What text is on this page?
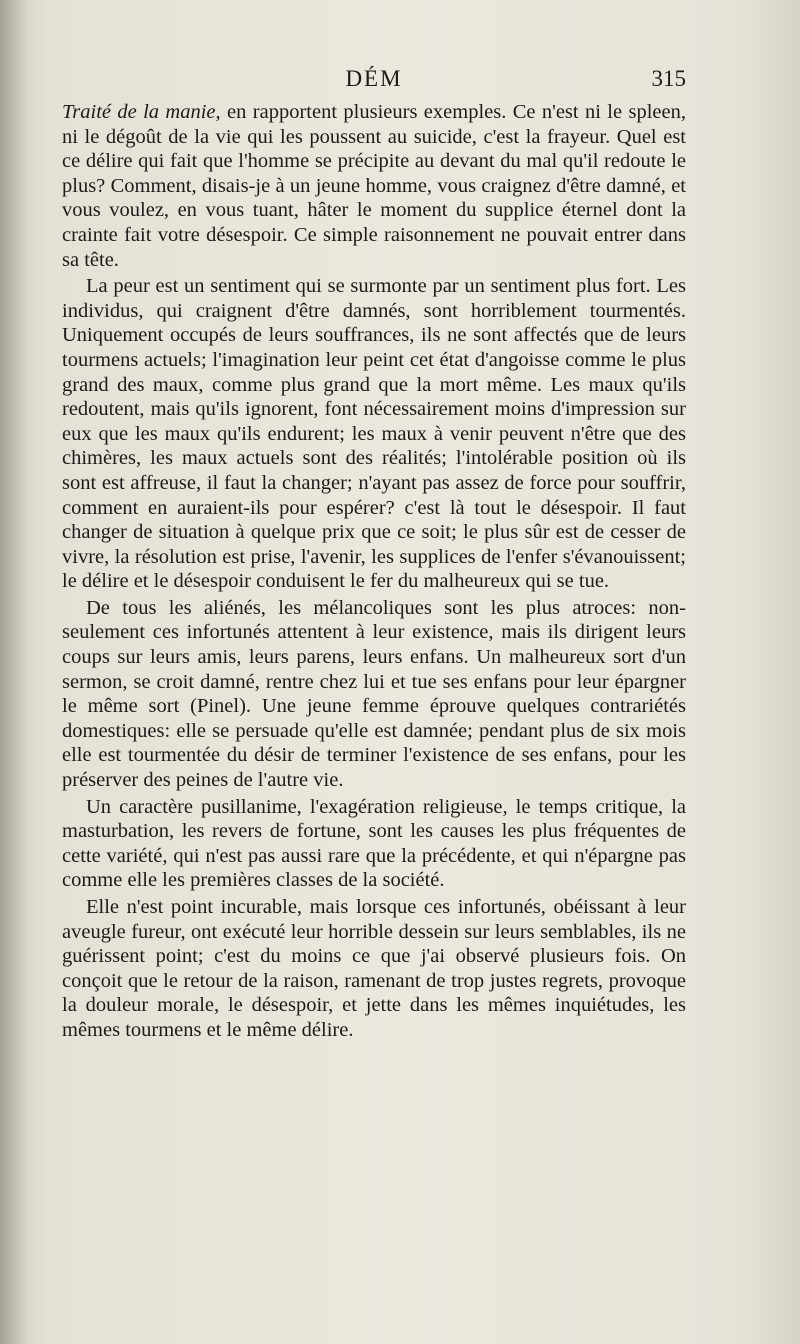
DÉM	315

Traité de la manie, en rapportent plusieurs exemples. Ce n'est ni le spleen, ni le dégoût de la vie qui les poussent au suicide, c'est la frayeur. Quel est ce délire qui fait que l'homme se précipite au devant du mal qu'il redoute le plus? Comment, disais-je à un jeune homme, vous craignez d'être damné, et vous voulez, en vous tuant, hâter le moment du supplice éternel dont la crainte fait votre désespoir. Ce simple raisonnement ne pouvait entrer dans sa tête.

La peur est un sentiment qui se surmonte par un sentiment plus fort. Les individus, qui craignent d'être damnés, sont horriblement tourmentés. Uniquement occupés de leurs souffrances, ils ne sont affectés que de leurs tourmens actuels; l'imagination leur peint cet état d'angoisse comme le plus grand des maux, comme plus grand que la mort même. Les maux qu'ils redoutent, mais qu'ils ignorent, font nécessairement moins d'impression sur eux que les maux qu'ils endurent; les maux à venir peuvent n'être que des chimères, les maux actuels sont des réalités; l'intolérable position où ils sont est affreuse, il faut la changer; n'ayant pas assez de force pour souffrir, comment en auraient-ils pour espérer? c'est là tout le désespoir. Il faut changer de situation à quelque prix que ce soit; le plus sûr est de cesser de vivre, la résolution est prise, l'avenir, les supplices de l'enfer s'évanouissent; le délire et le désespoir conduisent le fer du malheureux qui se tue.

De tous les aliénés, les mélancoliques sont les plus atroces: non-seulement ces infortunés attentent à leur existence, mais ils dirigent leurs coups sur leurs amis, leurs parens, leurs enfans. Un malheureux sort d'un sermon, se croit damné, rentre chez lui et tue ses enfans pour leur épargner le même sort (Pinel). Une jeune femme éprouve quelques contrariétés domestiques: elle se persuade qu'elle est damnée; pendant plus de six mois elle est tourmentée du désir de terminer l'existence de ses enfans, pour les préserver des peines de l'autre vie.

Un caractère pusillanime, l'exagération religieuse, le temps critique, la masturbation, les revers de fortune, sont les causes les plus fréquentes de cette variété, qui n'est pas aussi rare que la précédente, et qui n'épargne pas comme elle les premières classes de la société.

Elle n'est point incurable, mais lorsque ces infortunés, obéissant à leur aveugle fureur, ont exécuté leur horrible dessein sur leurs semblables, ils ne guérissent point; c'est du moins ce que j'ai observé plusieurs fois. On conçoit que le retour de la raison, ramenant de trop justes regrets, provoque la douleur morale, le désespoir, et jette dans les mêmes inquiétudes, les mêmes tourmens et le même délire.
